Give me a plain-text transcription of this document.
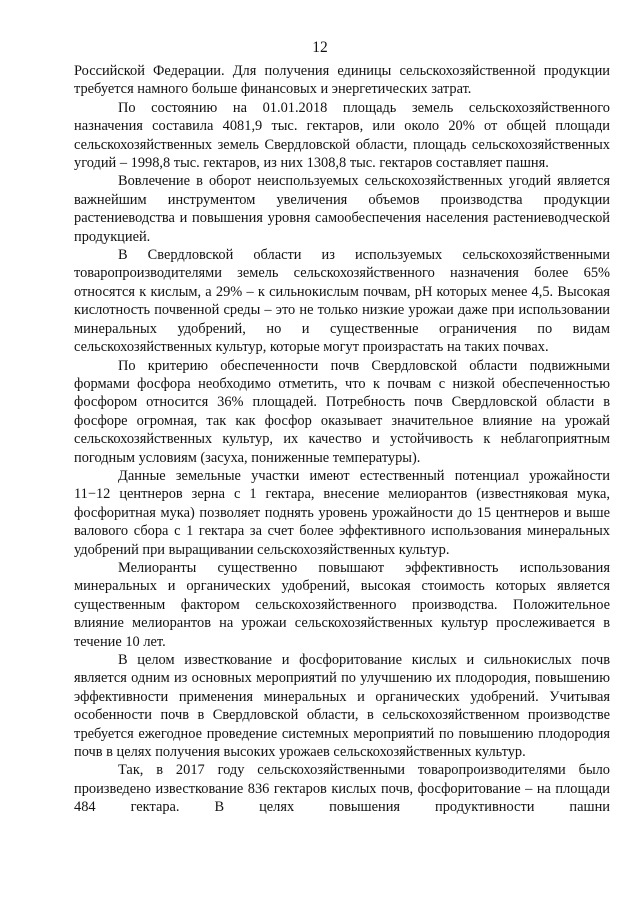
12

Российской Федерации. Для получения единицы сельскохозяйственной продукции требуется намного больше финансовых и энергетических затрат.

По состоянию на 01.01.2018 площадь земель сельскохозяйственного назначения составила 4081,9 тыс. гектаров, или около 20% от общей площади сельскохозяйственных земель Свердловской области, площадь сельскохозяйственных угодий – 1998,8 тыс. гектаров, из них 1308,8 тыс. гектаров составляет пашня.

Вовлечение в оборот неиспользуемых сельскохозяйственных угодий является важнейшим инструментом увеличения объемов производства продукции растениеводства и повышения уровня самообеспечения населения растениеводческой продукцией.

В Свердловской области из используемых сельскохозяйственными товаропроизводителями земель сельскохозяйственного назначения более 65% относятся к кислым, а 29% – к сильнокислым почвам, pH которых менее 4,5. Высокая кислотность почвенной среды – это не только низкие урожаи даже при использовании минеральных удобрений, но и существенные ограничения по видам сельскохозяйственных культур, которые могут произрастать на таких почвах.

По критерию обеспеченности почв Свердловской области подвижными формами фосфора необходимо отметить, что к почвам с низкой обеспеченностью фосфором относится 36% площадей. Потребность почв Свердловской области в фосфоре огромная, так как фосфор оказывает значительное влияние на урожай сельскохозяйственных культур, их качество и устойчивость к неблагоприятным погодным условиям (засуха, пониженные температуры).

Данные земельные участки имеют естественный потенциал урожайности 11−12 центнеров зерна с 1 гектара, внесение мелиорантов (известняковая мука, фосфоритная мука) позволяет поднять уровень урожайности до 15 центнеров и выше валового сбора с 1 гектара за счет более эффективного использования минеральных удобрений при выращивании сельскохозяйственных культур.

Мелиоранты существенно повышают эффективность использования минеральных и органических удобрений, высокая стоимость которых является существенным фактором сельскохозяйственного производства. Положительное влияние мелиорантов на урожаи сельскохозяйственных культур прослеживается в течение 10 лет.

В целом известкование и фосфоритование кислых и сильнокислых почв является одним из основных мероприятий по улучшению их плодородия, повышению эффективности применения минеральных и органических удобрений. Учитывая особенности почв в Свердловской области, в сельскохозяйственном производстве требуется ежегодное проведение системных мероприятий по повышению плодородия почв в целях получения высоких урожаев сельскохозяйственных культур.

Так, в 2017 году сельскохозяйственными товаропроизводителями было произведено известкование 836 гектаров кислых почв, фосфоритование – на площади 484 гектара. В целях повышения продуктивности пашни
